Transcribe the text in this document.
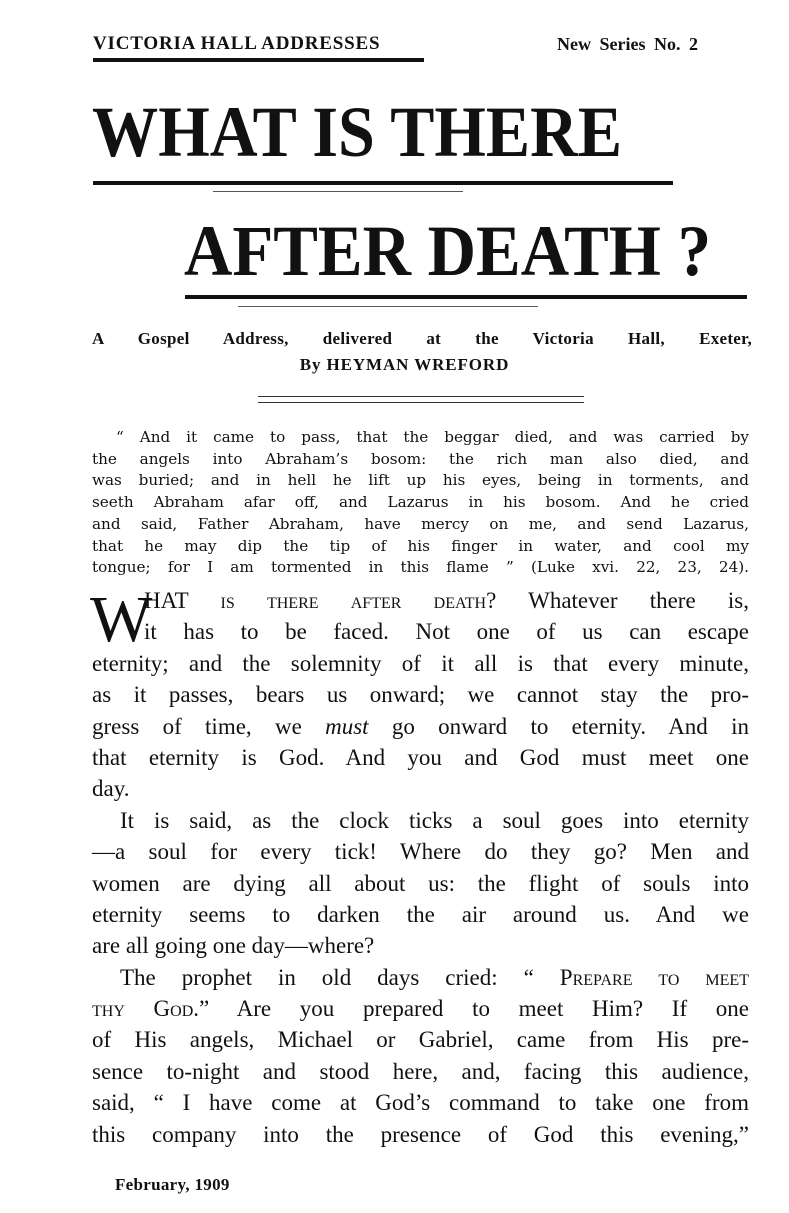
VICTORIA HALL ADDRESSES	New Series No. 2
WHAT IS THERE
AFTER DEATH ?
A Gospel Address, delivered at the Victoria Hall, Exeter,
By HEYMAN WREFORD
“ And it came to pass, that the beggar died, and was carried by
the angels into Abraham’s bosom: the rich man also died, and
was buried; and in hell he lift up his eyes, being in torments, and
seeth Abraham afar off, and Lazarus in his bosom. And he cried
and said, Father Abraham, have mercy on me, and send Lazarus,
that he may dip the tip of his finger in water, and cool my
tongue; for I am tormented in this flame ” (Luke xvi. 22, 23, 24).
W
HAT is there after death? Whatever there is,
it has to be faced. Not one of us can escape
eternity; and the solemnity of it all is that every minute,
as it passes, bears us onward; we cannot stay the pro-
gress of time, we must go onward to eternity. And in
that eternity is God. And you and God must meet one
day.
It is said, as the clock ticks a soul goes into eternity
—a soul for every tick! Where do they go? Men and
women are dying all about us: the flight of souls into
eternity seems to darken the air around us. And we
are all going one day—where?
The prophet in old days cried: “ Prepare to meet
thy God.” Are you prepared to meet Him? If one
of His angels, Michael or Gabriel, came from His pre-
sence to-night and stood here, and, facing this audience,
said, “ I have come at God’s command to take one from
this company into the presence of God this evening,”
February, 1909
